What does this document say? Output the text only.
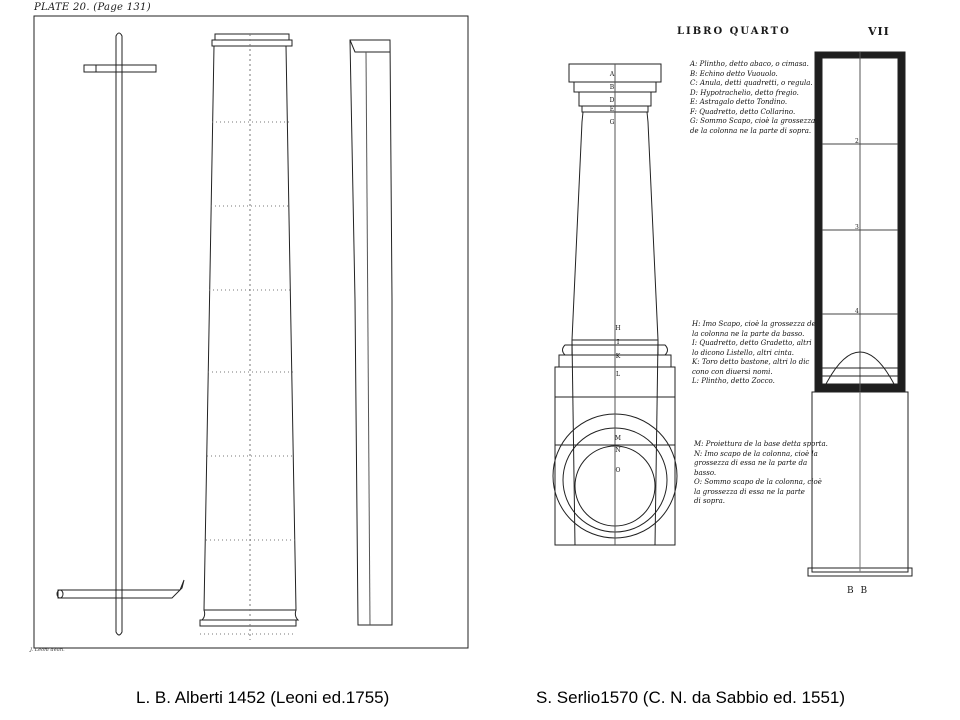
PLATE 20. (Page 131)
A
B
D
E
G
H
I
K
L
M
N
O
J. Leoni delin.
LIBRO QUARTO	VII
2
3
4
A: Plintho, detto abaco, o cimasa.
B: Echino detto Vuouolo.
C: Anula, detti quadretti, o regula.
D: Hypotrachelio, detto fregio.
E: Astragalo detto Tondino.
F: Quadretto, detto Collarino.
G: Sommo Scapo, cioè la grossezza
de la colonna ne la parte di sopra.
H: Imo Scapo, cioè la grossezza de
la colonna ne la parte da basso.
I: Quadretto, detto Gradetto, altri
lo dicono Listello, altri cinta.
K: Toro detto bastone, altri lo dic
cono con diuersi nomi.
L: Plintho, detto Zocco.
M: Proiettura de la base detta sporta.
N: Imo scapo de la colonna, cioè la
grossezza di essa ne la parte da
basso.
O: Sommo scapo de la colonna, cioè
la grossezza di essa ne la parte
di sopra.
B B
L. B. Alberti 1452 (Leoni ed.1755)	S. Serlio1570 (C. N. da Sabbio ed. 1551)
